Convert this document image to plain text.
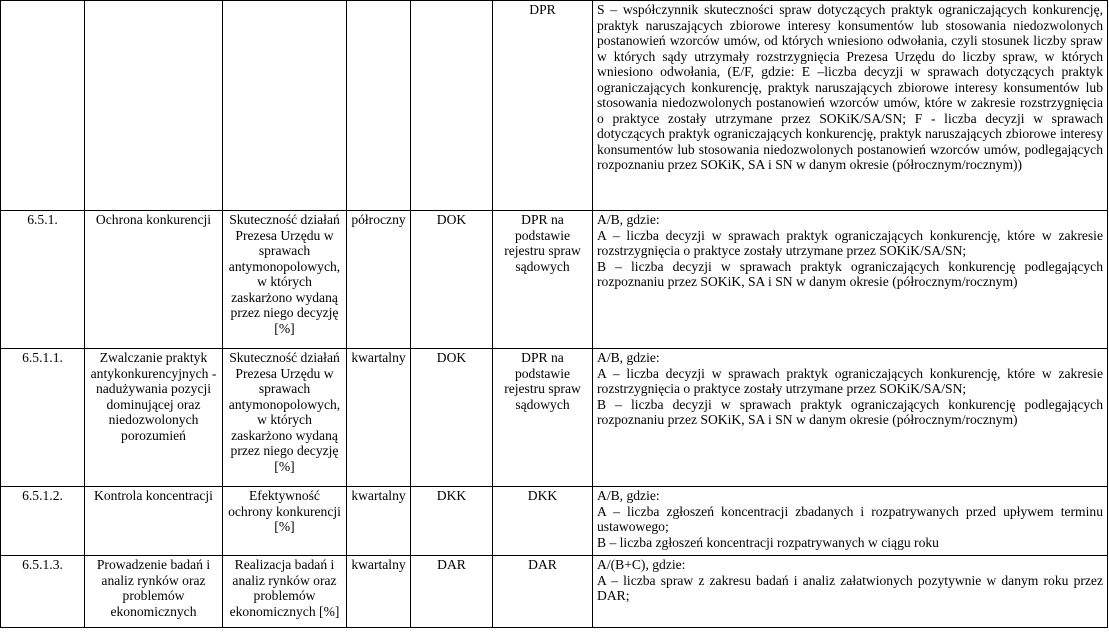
					DPR	S – współczynnik skuteczności spraw dotyczących praktyk ograniczających konkurencję, praktyk naruszających zbiorowe interesy konsumentów lub stosowania niedozwolonych postanowień wzorców umów, od których wniesiono odwołania, czyli stosunek liczby spraw w których sądy utrzymały rozstrzygnięcia Prezesa Urzędu do liczby spraw, w których wniesiono odwołania, (E/F, gdzie: E –liczba decyzji w sprawach dotyczących praktyk ograniczających konkurencję, praktyk naruszających zbiorowe interesy konsumentów lub stosowania niedozwolonych postanowień wzorców umów, które w zakresie rozstrzygnięcia o praktyce zostały utrzymane przez SOKiK/SA/SN; F - liczba decyzji w sprawach dotyczących praktyk ograniczających konkurencję, praktyk naruszających zbiorowe interesy konsumentów lub stosowania niedozwolonych postanowień wzorców umów, podlegających rozpoznaniu przez SOKiK, SA i SN w danym okresie (półrocznym/rocznym))
6.5.1.	Ochrona konkurencji	Skuteczność działań Prezesa Urzędu w sprawach antymonopolowych, w których zaskarżono wydaną przez niego decyzję [%]	półroczny	DOK	DPR na podstawie rejestru spraw sądowych	A/B, gdzie:
A – liczba decyzji w sprawach praktyk ograniczających konkurencję, które w zakresie rozstrzygnięcia o praktyce zostały utrzymane przez SOKiK/SA/SN;
B – liczba decyzji w sprawach praktyk ograniczających konkurencję podlegających rozpoznaniu przez SOKiK, SA i SN w danym okresie (półrocznym/rocznym)

6.5.1.1.	Zwalczanie praktyk antykonkurencyjnych - nadużywania pozycji dominującej oraz niedozwolonych porozumień	Skuteczność działań Prezesa Urzędu w sprawach antymonopolowych, w których zaskarżono wydaną przez niego decyzję [%]	kwartalny	DOK	DPR na podstawie rejestru spraw sądowych	A/B, gdzie:
A – liczba decyzji w sprawach praktyk ograniczających konkurencję, które w zakresie rozstrzygnięcia o praktyce zostały utrzymane przez SOKiK/SA/SN;
B – liczba decyzji w sprawach praktyk ograniczających konkurencję podlegających rozpoznaniu przez SOKiK, SA i SN w danym okresie (półrocznym/rocznym)

6.5.1.2.	Kontrola koncentracji	Efektywność ochrony konkurencji [%]	kwartalny	DKK	DKK	A/B, gdzie:
A – liczba zgłoszeń koncentracji zbadanych i rozpatrywanych przed upływem terminu ustawowego;
B – liczba zgłoszeń koncentracji rozpatrywanych w ciągu roku

6.5.1.3.	Prowadzenie badań i analiz rynków oraz problemów ekonomicznych	Realizacja badań i analiz rynków oraz problemów ekonomicznych [%]	kwartalny	DAR	DAR	A/(B+C), gdzie:
A – liczba spraw z zakresu badań i analiz załatwionych pozytywnie w danym roku przez DAR;
